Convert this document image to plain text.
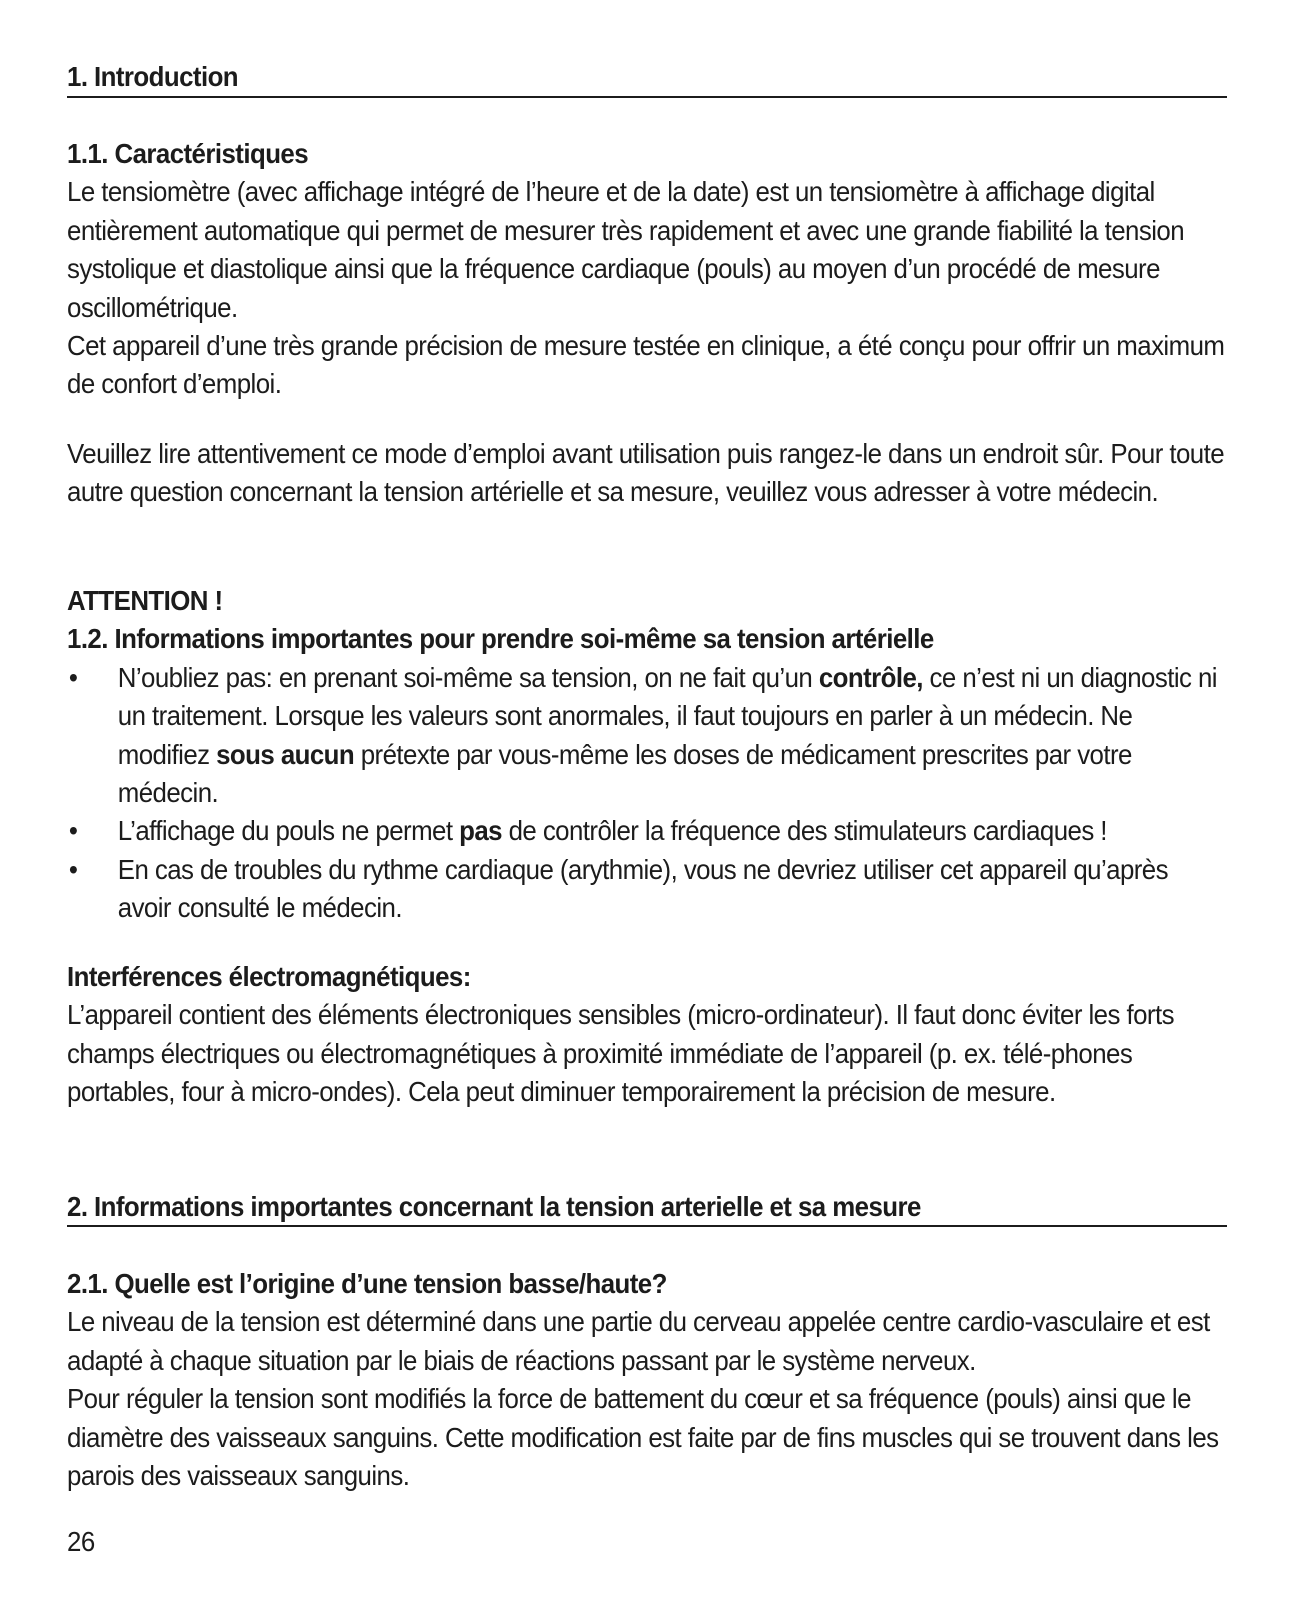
1. Introduction
1.1. Caractéristiques

Le tensiomètre (avec affichage intégré de l’heure et de la date) est un tensiomètre à affichage digital entièrement automatique qui permet de mesurer très rapidement et avec une grande fiabilité la tension systolique et diastolique ainsi que la fréquence cardiaque (pouls) au moyen d’un procédé de mesure oscillométrique.

Cet appareil d’une très grande précision de mesure testée en clinique, a été conçu pour offrir un maximum de confort d’emploi.

Veuillez lire attentivement ce mode d’emploi avant utilisation puis rangez-le dans un endroit sûr. Pour toute autre question concernant la tension artérielle et sa mesure, veuillez vous adresser à votre médecin.
ATTENTION !
1.2. Informations importantes pour prendre soi-même sa tension artérielle
• N’oubliez pas: en prenant soi-même sa tension, on ne fait qu’un contrôle, ce n’est ni un diagnostic ni un traitement. Lorsque les valeurs sont anormales, il faut toujours en parler à un médecin. Ne modifiez sous aucun prétexte par vous-même les doses de médicament prescrites par votre médecin.
• L’affichage du pouls ne permet pas de contrôler la fréquence des stimulateurs cardiaques !
• En cas de troubles du rythme cardiaque (arythmie), vous ne devriez utiliser cet appareil qu’après avoir consulté le médecin.
Interférences électromagnétiques:

L’appareil contient des éléments électroniques sensibles (micro-ordinateur). Il faut donc éviter les forts champs électriques ou électromagnétiques à proximité immédiate de l’appareil (p. ex. télé-phones portables, four à micro-ondes). Cela peut diminuer temporairement la précision de mesure.

2. Informations importantes concernant la tension arterielle et sa mesure
2.1. Quelle est l’origine d’une tension basse/haute?

Le niveau de la tension est déterminé dans une partie du cerveau appelée centre cardio-vasculaire et est adapté à chaque situation par le biais de réactions passant par le système nerveux.

Pour réguler la tension sont modifiés la force de battement du cœur et sa fréquence (pouls) ainsi que le diamètre des vaisseaux sanguins. Cette modification est faite par de fins muscles qui se trouvent dans les parois des vaisseaux sanguins.

26
